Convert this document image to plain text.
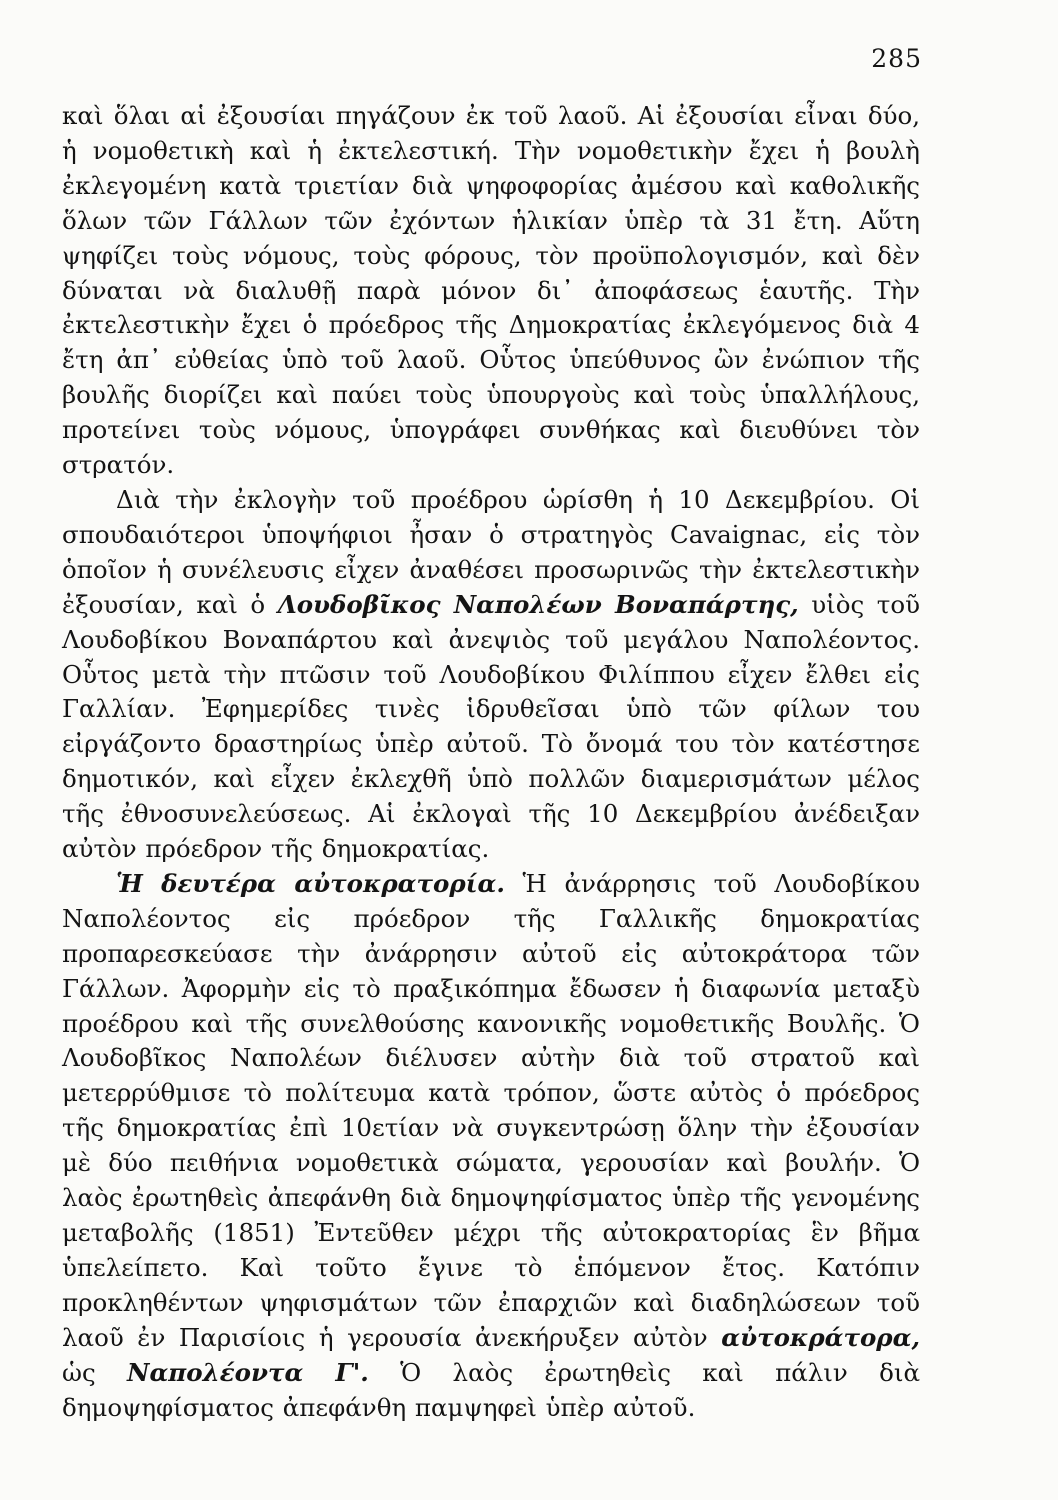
285

καὶ ὅλαι αἱ ἐξουσίαι πηγάζουν ἐκ τοῦ λαοῦ. Αἱ ἐξουσίαι εἶναι δύο, ἡ νομοθετικὴ καὶ ἡ ἐκτελεστική. Τὴν νομοθετικὴν ἔχει ἡ βουλὴ ἐκλεγομένη κατὰ τριετίαν διὰ ψηφοφορίας ἀμέσου καὶ καθολικῆς ὅλων τῶν Γάλλων τῶν ἐχόντων ἡλικίαν ὑπὲρ τὰ 31 ἔτη. Αὕτη ψηφίζει τοὺς νόμους, τοὺς φόρους, τὸν προϋπολογισμόν, καὶ δὲν δύναται νὰ διαλυθῇ παρὰ μόνον δι᾽ ἀποφάσεως ἑαυτῆς. Τὴν ἐκτελεστικὴν ἔχει ὁ πρόεδρος τῆς Δημοκρατίας ἐκλεγόμενος διὰ 4 ἔτη ἀπ᾽ εὐθείας ὑπὸ τοῦ λαοῦ. Οὗτος ὑπεύθυνος ὢν ἐνώπιον τῆς βουλῆς διορίζει καὶ παύει τοὺς ὑπουργοὺς καὶ τοὺς ὑπαλλήλους, προτείνει τοὺς νόμους, ὑπογράφει συνθήκας καὶ διευθύνει τὸν στρατόν.

Διὰ τὴν ἐκλογὴν τοῦ προέδρου ὡρίσθη ἡ 10 Δεκεμβρίου. Οἱ σπουδαιότεροι ὑποψήφιοι ἦσαν ὁ στρατηγὸς Cavaignac, εἰς τὸν ὁποῖον ἡ συνέλευσις εἶχεν ἀναθέσει προσωρινῶς τὴν ἐκτελεστικὴν ἐξουσίαν, καὶ ὁ Λουδοβῖκος Ναπολέων Βοναπάρτης, υἱὸς τοῦ Λουδοβίκου Βοναπάρτου καὶ ἀνεψιὸς τοῦ μεγάλου Ναπολέοντος. Οὗτος μετὰ τὴν πτῶσιν τοῦ Λουδοβίκου Φιλίππου εἶχεν ἔλθει εἰς Γαλλίαν. Ἐφημερίδες τινὲς ἱδρυθεῖσαι ὑπὸ τῶν φίλων του εἰργάζοντο δραστηρίως ὑπὲρ αὐτοῦ. Τὸ ὄνομά του τὸν κατέστησε δημοτικόν, καὶ εἶχεν ἐκλεχθῆ ὑπὸ πολλῶν διαμερισμάτων μέλος τῆς ἐθνοσυνελεύσεως. Αἱ ἐκλογαὶ τῆς 10 Δεκεμβρίου ἀνέδειξαν αὐτὸν πρόεδρον τῆς δημοκρατίας.

Ἡ δευτέρα αὐτοκρατορία. Ἡ ἀνάρρησις τοῦ Λουδοβίκου Ναπολέοντος εἰς πρόεδρον τῆς Γαλλικῆς δημοκρατίας προπαρεσκεύασε τὴν ἀνάρρησιν αὐτοῦ εἰς αὐτοκράτορα τῶν Γάλλων. Ἀφορμὴν εἰς τὸ πραξικόπημα ἔδωσεν ἡ διαφωνία μεταξὺ προέδρου καὶ τῆς συνελθούσης κανονικῆς νομοθετικῆς Βουλῆς. Ὁ Λουδοβῖκος Ναπολέων διέλυσεν αὐτὴν διὰ τοῦ στρατοῦ καὶ μετερρύθμισε τὸ πολίτευμα κατὰ τρόπον, ὥστε αὐτὸς ὁ πρόεδρος τῆς δημοκρατίας ἐπὶ 10ετίαν νὰ συγκεντρώσῃ ὅλην τὴν ἐξουσίαν μὲ δύο πειθήνια νομοθετικὰ σώματα, γερουσίαν καὶ βουλήν. Ὁ λαὸς ἐρωτηθεὶς ἀπεφάνθη διὰ δημοψηφίσματος ὑπὲρ τῆς γενομένης μεταβολῆς (1851) Ἐντεῦθεν μέχρι τῆς αὐτοκρατορίας ἓν βῆμα ὑπελείπετο. Καὶ τοῦτο ἔγινε τὸ ἑπόμενον ἔτος. Κατόπιν προκληθέντων ψηφισμάτων τῶν ἐπαρχιῶν καὶ διαδηλώσεων τοῦ λαοῦ ἐν Παρισίοις ἡ γερουσία ἀνεκήρυξεν αὐτὸν αὐτοκράτορα, ὡς Ναπολέοντα Γ'. Ὁ λαὸς ἐρωτηθεὶς καὶ πάλιν διὰ δημοψηφίσματος ἀπεφάνθη παμψηφεὶ ὑπὲρ αὐτοῦ.
